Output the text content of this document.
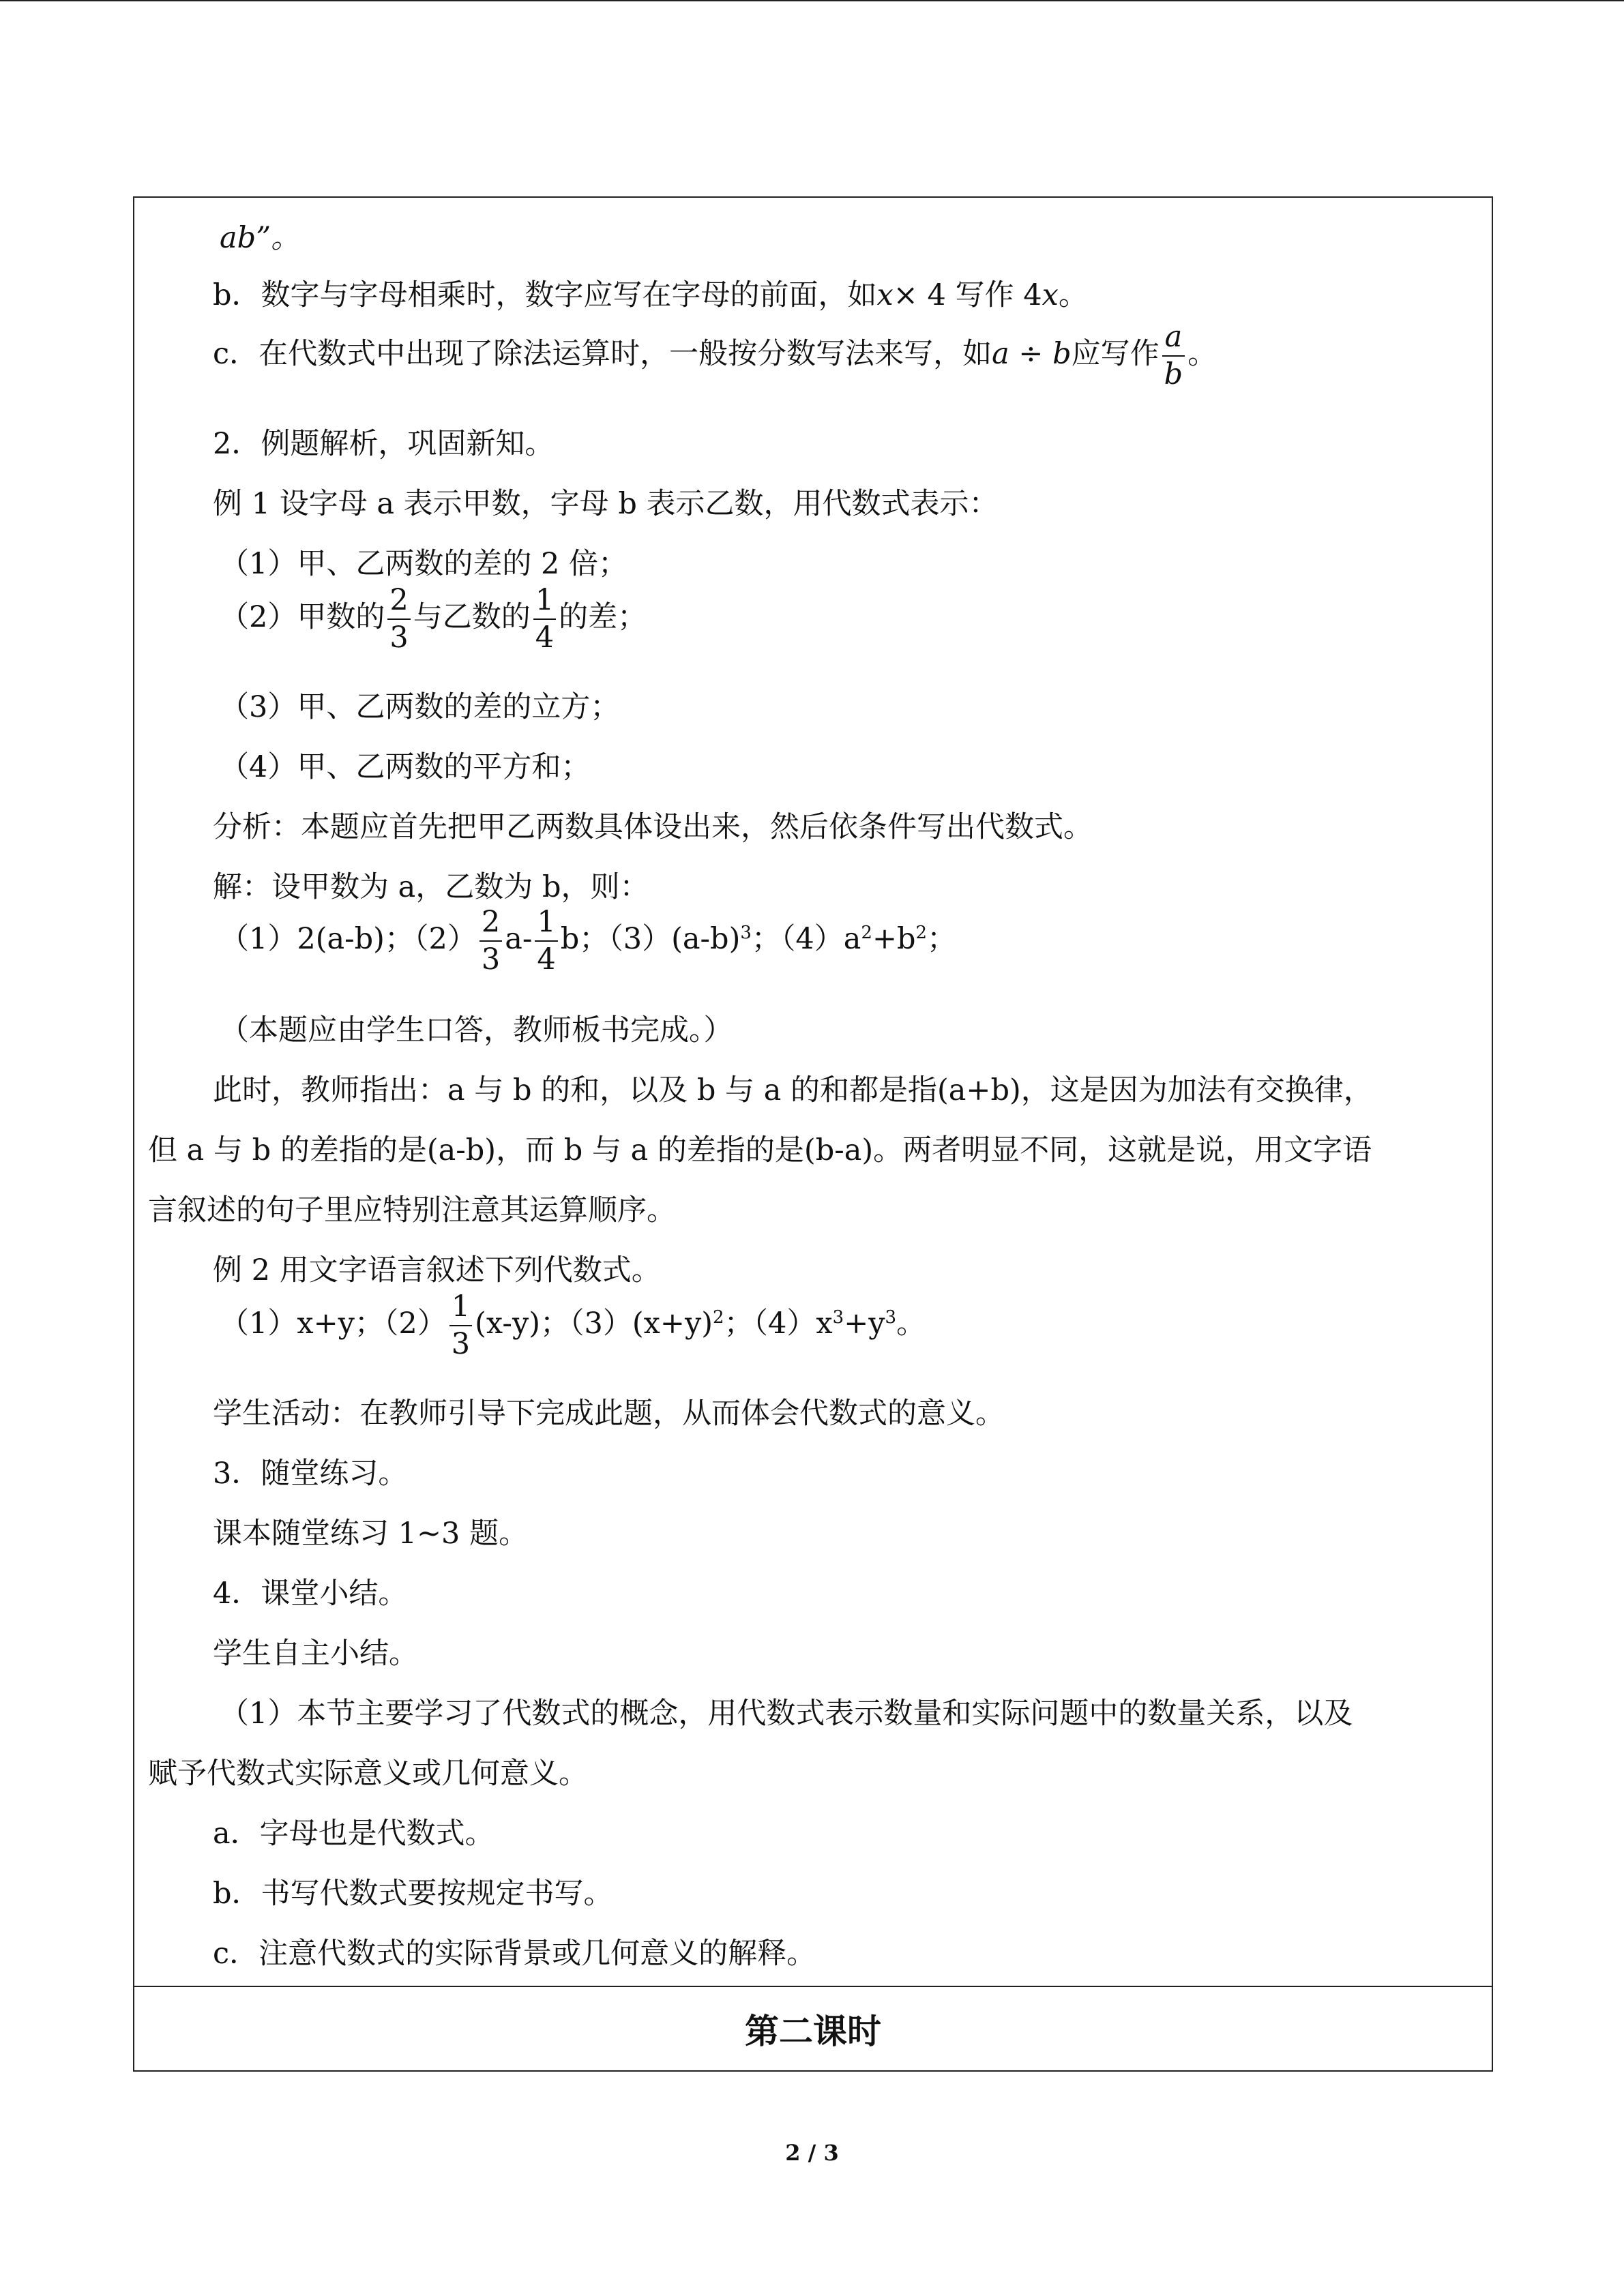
ab”。
b．数字与字母相乘时，数字应写在字母的前面，如x× 4 写作 4x。
c．在代数式中出现了除法运算时，一般按分数写法来写，如a ÷ b应写作 $\frac{a}{b}$ 。
2．例题解析，巩固新知。
例 1 设字母 a 表示甲数，字母 b 表示乙数，用代数式表示：
（1）甲、乙两数的差的 2 倍；
（2）甲数的 $\frac{2}{3}$ 与乙数的 $\frac{1}{4}$ 的差；
（3）甲、乙两数的差的立方；
（4）甲、乙两数的平方和；
分析：本题应首先把甲乙两数具体设出来，然后依条件写出代数式。
解：设甲数为 a，乙数为 b，则：
（1）2(a-b)；$(2) \frac{2}{3} a- \frac{1}{4}$ b；$(3)(a-b)^3$；$(4)a^2+b^2$；
（本题应由学生口答，教师板书完成。）
此时，教师指出：a 与 b 的和，以及 b 与 a 的和都是指(a+b)，这是因为加法有交换律，
但 a 与 b 的差指的是(a-b)，而 b 与 a 的差指的是(b-a)。两者明显不同，这就是说，用文字语
言叙述的句子里应特别注意其运算顺序。
例 2 用文字语言叙述下列代数式。
（1）x+y；$(2) \frac{1}{3} (x-y)$；$(3)(x+y)^2$；$(4)x^3+y^3$。
学生活动：在教师引导下完成此题，从而体会代数式的意义。
3．随堂练习。
课本随堂练习 1~3 题。
4．课堂小结。
学生自主小结。
（1）本节主要学习了代数式的概念，用代数式表示数量和实际问题中的数量关系，以及
赋予代数式实际意义或几何意义。
a．字母也是代数式。
b．书写代数式要按规定书写。
c．注意代数式的实际背景或几何意义的解释。
第二课时
2 / 3
